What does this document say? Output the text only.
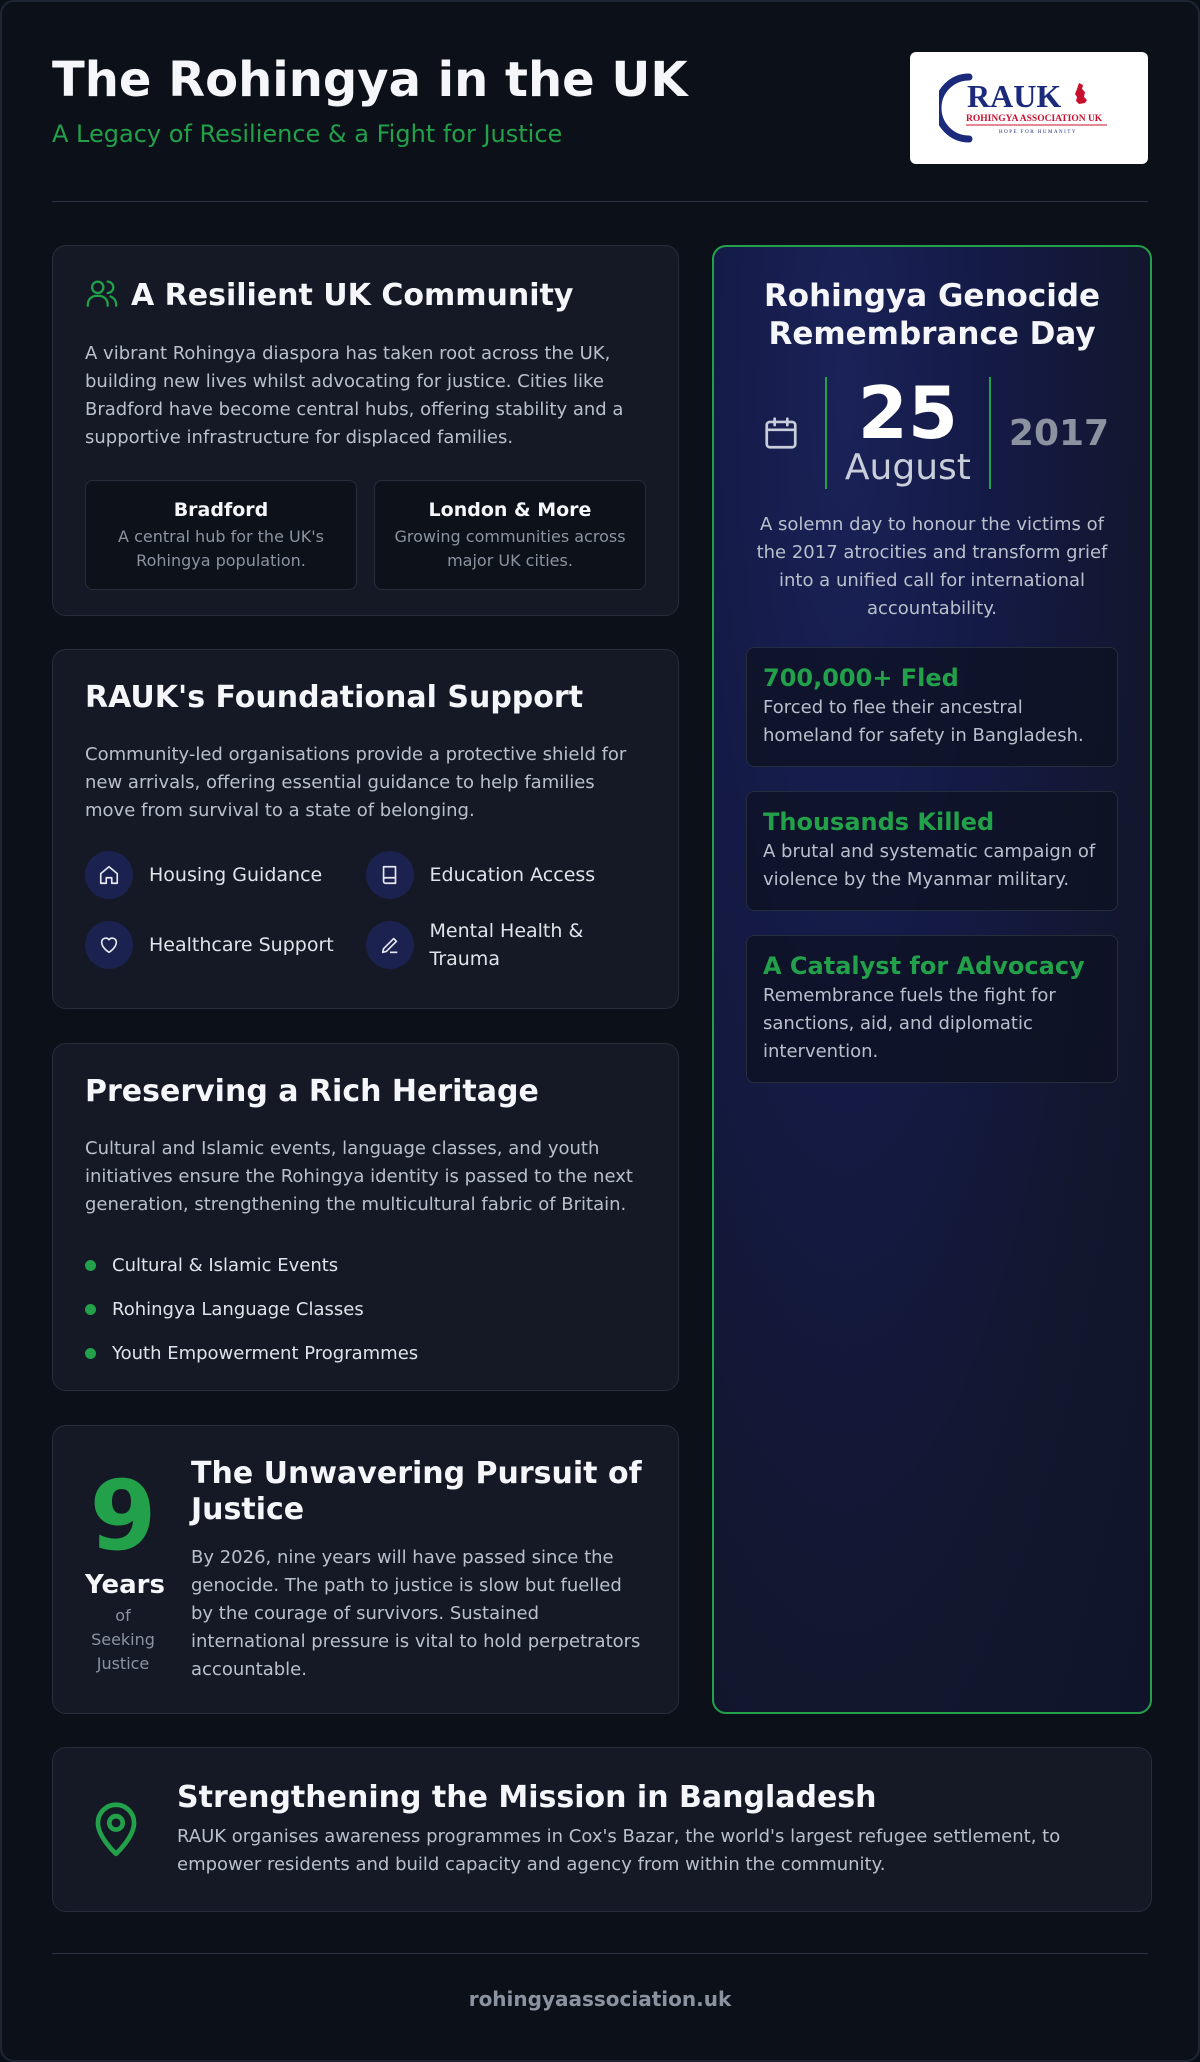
The Rohingya in the UK
A Legacy of Resilience & a Fight for Justice
RAUK
ROHINGYA ASSOCIATION UK
HOPE FOR HUMANITY
A Resilient UK Community

A vibrant Rohingya diaspora has taken root across the UK, building new lives whilst advocating for justice. Cities like Bradford have become central hubs, offering stability and a supportive infrastructure for displaced families.

Bradford
A central hub for the UK's Rohingya population.
London & More
Growing communities across major UK cities.
RAUK's Foundational Support

Community-led organisations provide a protective shield for new arrivals, offering essential guidance to help families move from survival to a state of belonging.

Housing Guidance	Education Access
Healthcare Support
Mental Health & Trauma
Preserving a Rich Heritage

Cultural and Islamic events, language classes, and youth initiatives ensure the Rohingya identity is passed to the next generation, strengthening the multicultural fabric of Britain.

Cultural & Islamic Events
Rohingya Language Classes
Youth Empowerment Programmes
9
Years
of Seeking Justice
The Unwavering Pursuit of Justice

By 2026, nine years will have passed since the genocide. The path to justice is slow but fuelled by the courage of survivors. Sustained international pressure is vital to hold perpetrators accountable.

Rohingya Genocide Remembrance Day
25
August
2017
A solemn day to honour the victims of the 2017 atrocities and transform grief into a unified call for international accountability.
700,000+ Fled
Forced to flee their ancestral homeland for safety in Bangladesh.
Thousands Killed
A brutal and systematic campaign of violence by the Myanmar military.
A Catalyst for Advocacy
Remembrance fuels the fight for sanctions, aid, and diplomatic intervention.
Strengthening the Mission in Bangladesh

RAUK organises awareness programmes in Cox's Bazar, the world's largest refugee settlement, to empower residents and build capacity and agency from within the community.

rohingyaassociation.uk
